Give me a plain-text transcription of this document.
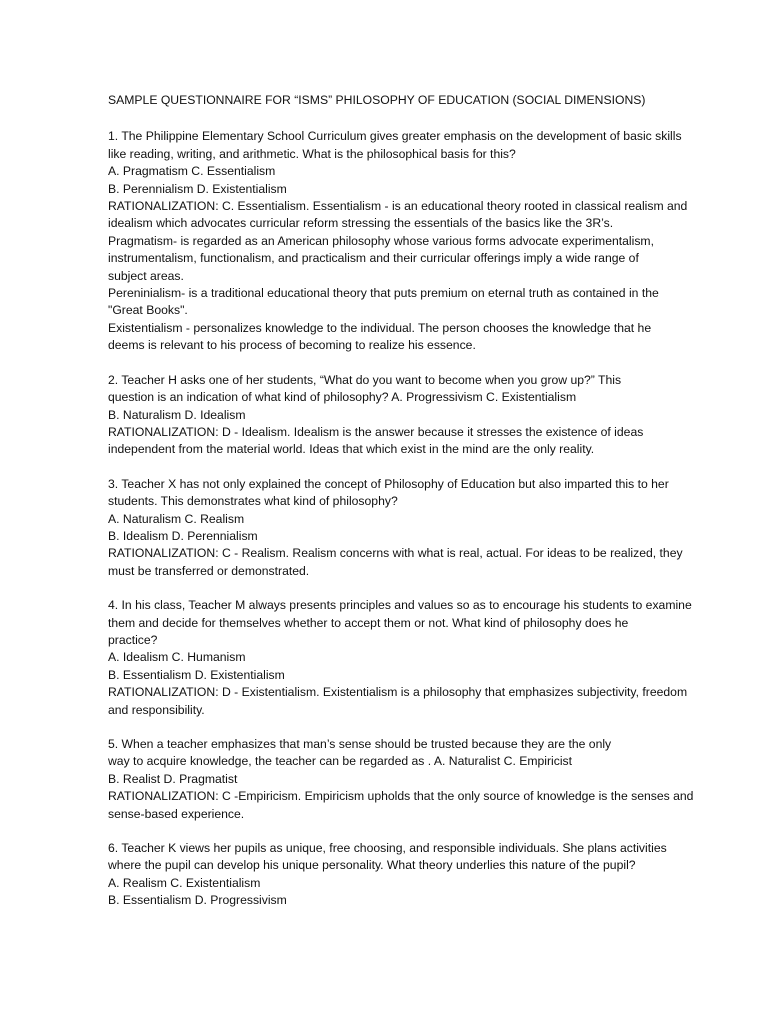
SAMPLE QUESTIONNAIRE FOR “ISMS” PHILOSOPHY OF EDUCATION (SOCIAL DIMENSIONS)
1. The Philippine Elementary School Curriculum gives greater emphasis on the development of basic skills
like reading, writing, and arithmetic. What is the philosophical basis for this?
A. Pragmatism C. Essentialism
B. Perennialism D. Existentialism
RATIONALIZATION: C. Essentialism. Essentialism - is an educational theory rooted in classical realism and
idealism which advocates curricular reform stressing the essentials of the basics like the 3R’s.
Pragmatism- is regarded as an American philosophy whose various forms advocate experimentalism,
instrumentalism, functionalism, and practicalism and their curricular offerings imply a wide range of
subject areas.
Pereninialism- is a traditional educational theory that puts premium on eternal truth as contained in the
"Great Books".
Existentialism - personalizes knowledge to the individual. The person chooses the knowledge that he
deems is relevant to his process of becoming to realize his essence.
2. Teacher H asks one of her students, “What do you want to become when you grow up?” This
question is an indication of what kind of philosophy? A. Progressivism C. Existentialism
B. Naturalism D. Idealism
RATIONALIZATION: D - Idealism. Idealism is the answer because it stresses the existence of ideas
independent from the material world. Ideas that which exist in the mind are the only reality.
3. Teacher X has not only explained the concept of Philosophy of Education but also imparted this to her
students. This demonstrates what kind of philosophy?
A. Naturalism C. Realism
B. Idealism D. Perennialism
RATIONALIZATION: C - Realism. Realism concerns with what is real, actual. For ideas to be realized, they
must be transferred or demonstrated.
4. In his class, Teacher M always presents principles and values so as to encourage his students to examine
them and decide for themselves whether to accept them or not. What kind of philosophy does he
practice?
A. Idealism C. Humanism
B. Essentialism D. Existentialism
RATIONALIZATION: D - Existentialism. Existentialism is a philosophy that emphasizes subjectivity, freedom
and responsibility.
5. When a teacher emphasizes that man’s sense should be trusted because they are the only
way to acquire knowledge, the teacher can be regarded as . A. Naturalist C. Empiricist
B. Realist D. Pragmatist
RATIONALIZATION: C -Empiricism. Empiricism upholds that the only source of knowledge is the senses and
sense-based experience.
6. Teacher K views her pupils as unique, free choosing, and responsible individuals. She plans activities
where the pupil can develop his unique personality. What theory underlies this nature of the pupil?
A. Realism C. Existentialism
B. Essentialism D. Progressivism
